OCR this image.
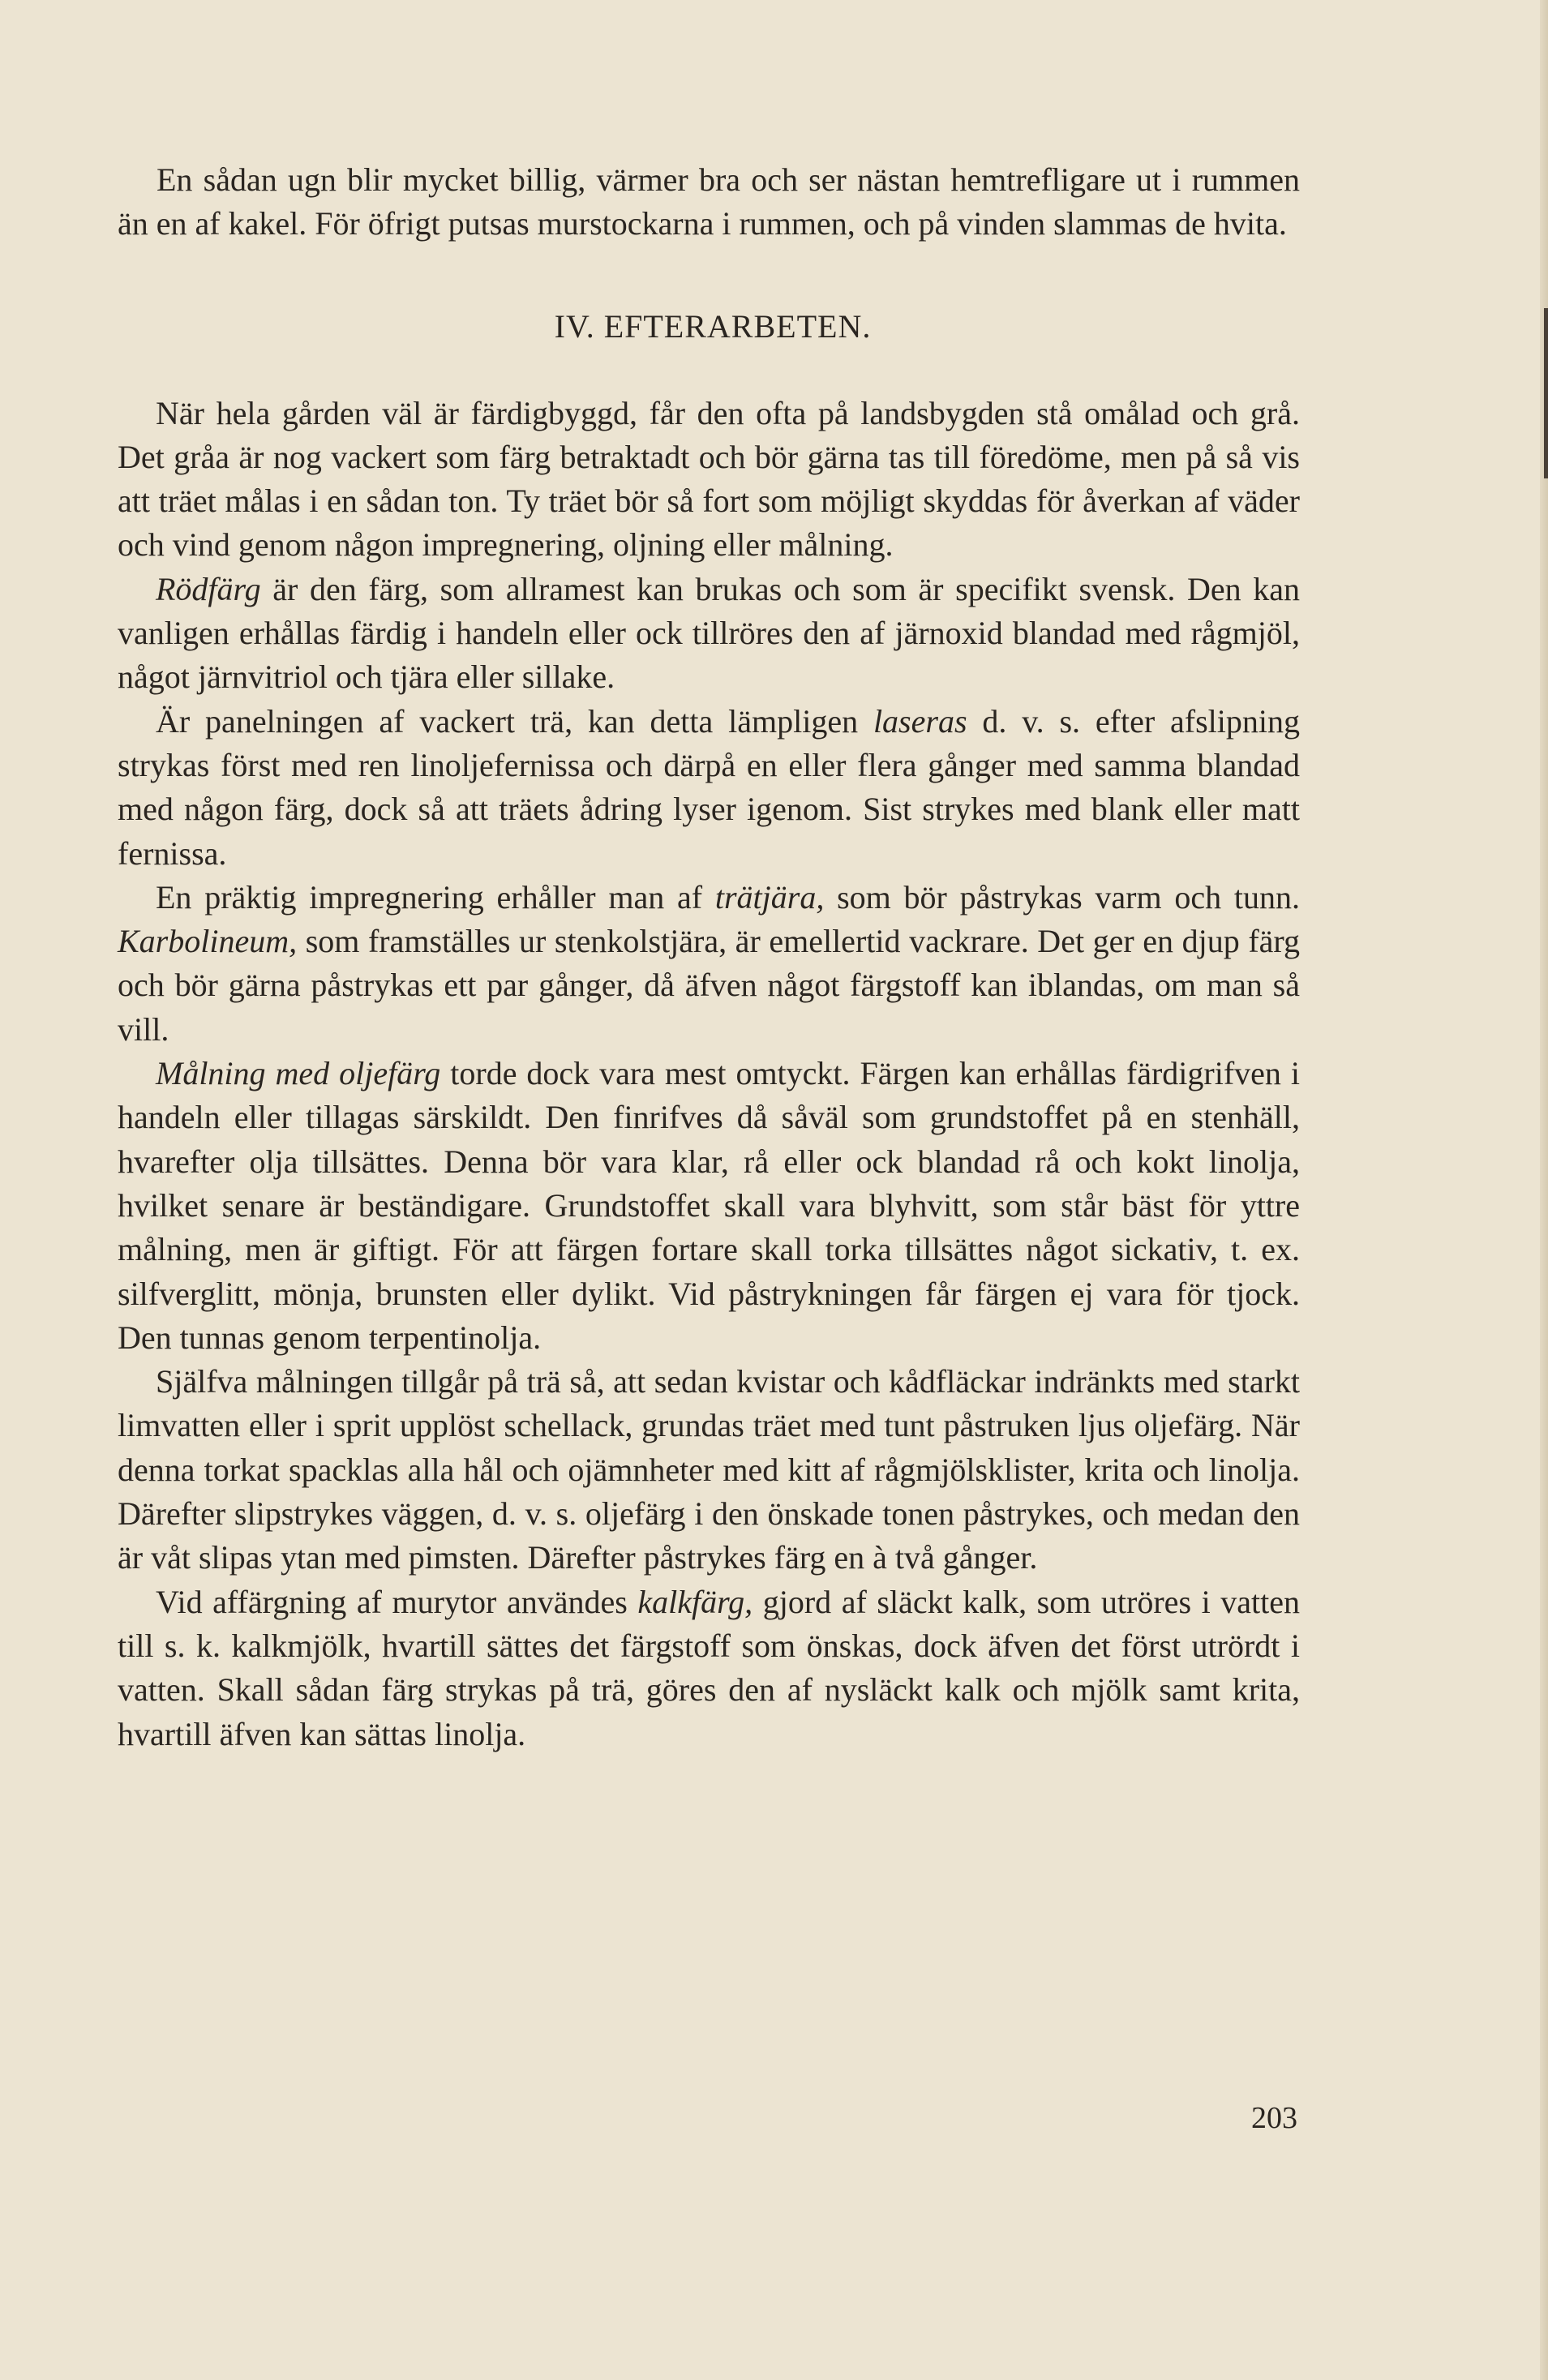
En sådan ugn blir mycket billig, värmer bra och ser nästan hemtrefligare ut i rummen än en af kakel. För öfrigt putsas murstockarna i rummen, och på vinden slammas de hvita.

IV. EFTERARBETEN.

När hela gården väl är färdigbyggd, får den ofta på landsbygden stå omålad och grå. Det gråa är nog vackert som färg betraktadt och bör gärna tas till föredöme, men på så vis att träet målas i en sådan ton. Ty träet bör så fort som möjligt skyddas för åverkan af väder och vind genom någon impregnering, oljning eller målning.

Rödfärg är den färg, som allramest kan brukas och som är specifikt svensk. Den kan vanligen erhållas färdig i handeln eller ock tillröres den af järnoxid blandad med rågmjöl, något järnvitriol och tjära eller sillake.

Är panelningen af vackert trä, kan detta lämpligen laseras d. v. s. efter afslipning strykas först med ren linoljefernissa och därpå en eller flera gånger med samma blandad med någon färg, dock så att träets ådring lyser igenom. Sist strykes med blank eller matt fernissa.

En präktig impregnering erhåller man af trätjära, som bör påstrykas varm och tunn. Karbolineum, som framställes ur stenkolstjära, är emellertid vackrare. Det ger en djup färg och bör gärna påstrykas ett par gånger, då äfven något färgstoff kan iblandas, om man så vill.

Målning med oljefärg torde dock vara mest omtyckt. Färgen kan erhållas färdigrifven i handeln eller tillagas särskildt. Den finrifves då såväl som grundstoffet på en stenhäll, hvarefter olja tillsättes. Denna bör vara klar, rå eller ock blandad rå och kokt linolja, hvilket senare är beständigare. Grundstoffet skall vara blyhvitt, som står bäst för yttre målning, men är giftigt. För att färgen fortare skall torka tillsättes något sickativ, t. ex. silfverglitt, mönja, brunsten eller dylikt. Vid påstrykningen får färgen ej vara för tjock. Den tunnas genom terpentinolja.

Själfva målningen tillgår på trä så, att sedan kvistar och kådfläckar indränkts med starkt limvatten eller i sprit upplöst schellack, grundas träet med tunt påstruken ljus oljefärg. När denna torkat spacklas alla hål och ojämnheter med kitt af rågmjölsklister, krita och linolja. Därefter slipstrykes väggen, d. v. s. oljefärg i den önskade tonen påstrykes, och medan den är våt slipas ytan med pimsten. Därefter påstrykes färg en à två gånger.

Vid affärgning af murytor användes kalkfärg, gjord af släckt kalk, som utröres i vatten till s. k. kalkmjölk, hvartill sättes det färgstoff som önskas, dock äfven det först utrördt i vatten. Skall sådan färg strykas på trä, göres den af nysläckt kalk och mjölk samt krita, hvartill äfven kan sättas linolja.

203
